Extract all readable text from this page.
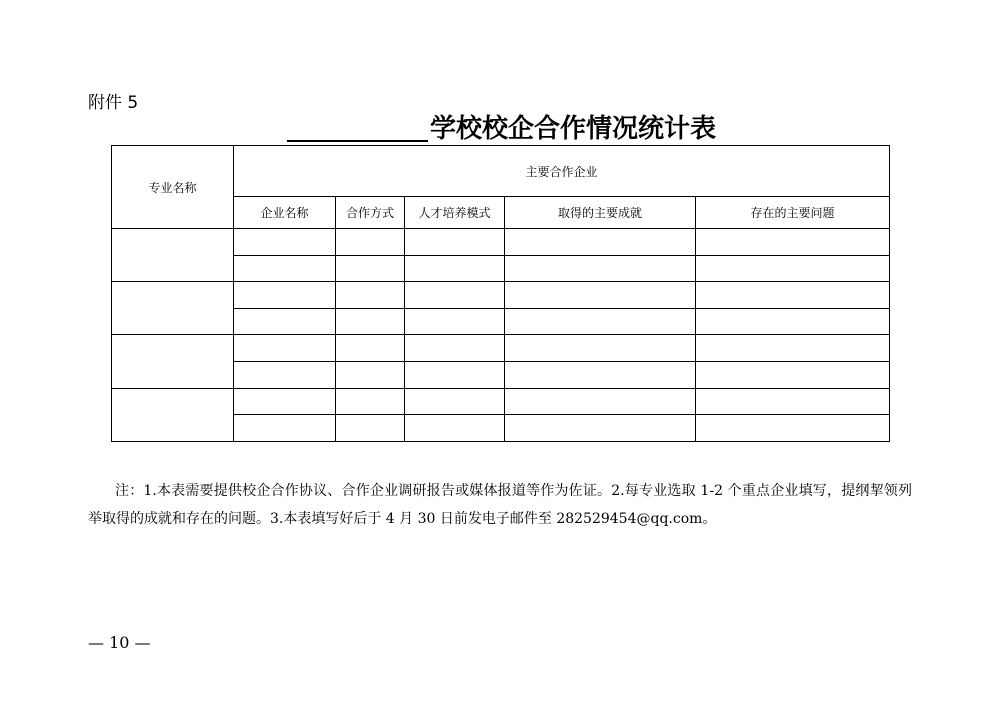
附件 5
学校校企合作情况统计表
专业名称	主要合作企业				
	企业名称	合作方式	人才培养模式	取得的主要成就	存在的主要问题

注：1.本表需要提供校企合作协议、合作企业调研报告或媒体报道等作为佐证。2.每专业选取 1-2 个重点企业填写，提纲挈领列举取得的成就和存在的问题。3.本表填写好后于 4 月 30 日前发电子邮件至 282529454@qq.com。

— 10 —
